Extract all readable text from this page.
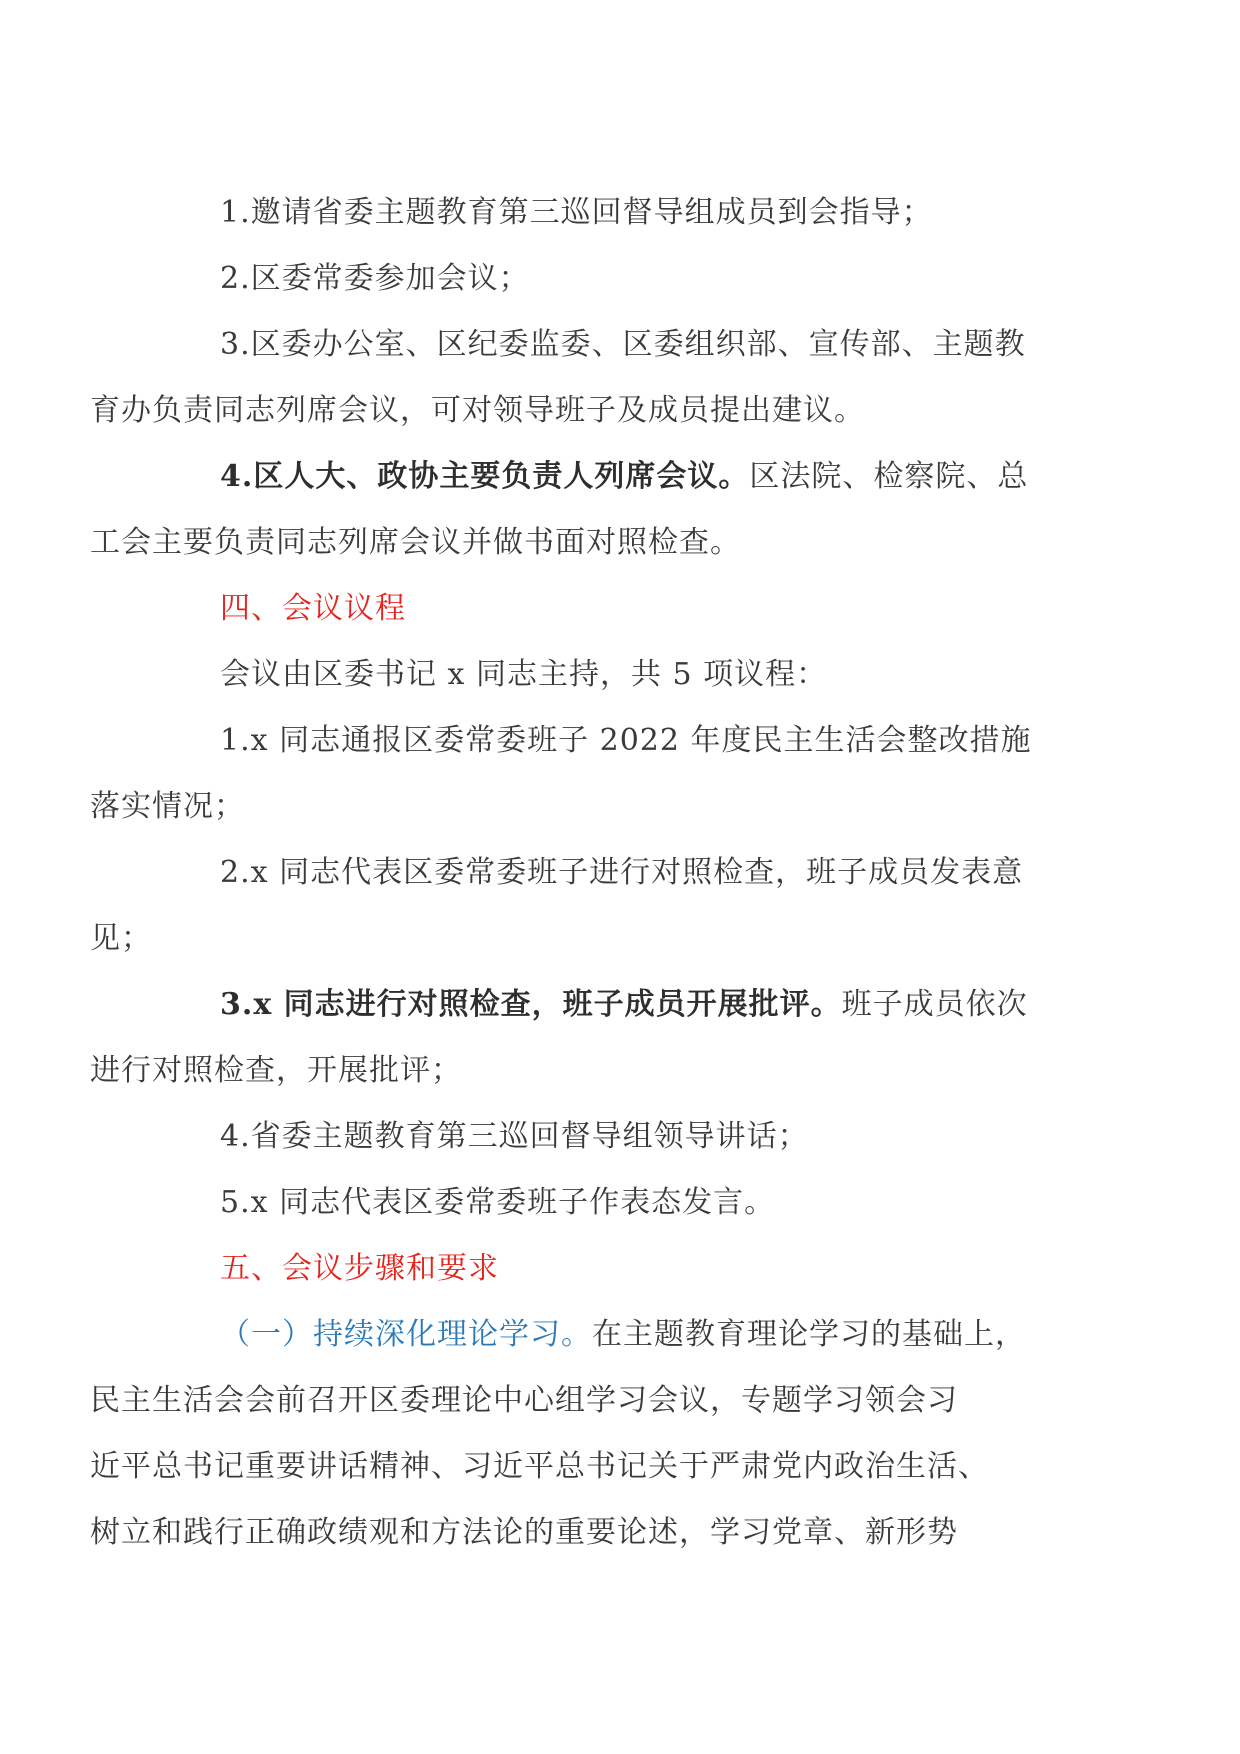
1.邀请省委主题教育第三巡回督导组成员到会指导；

2.区委常委参加会议；

3.区委办公室、区纪委监委、区委组织部、宣传部、主题教
育办负责同志列席会议，可对领导班子及成员提出建议。

4.区人大、政协主要负责人列席会议。区法院、检察院、总
工会主要负责同志列席会议并做书面对照检查。

四、会议议程

会议由区委书记 x 同志主持，共 5 项议程：

1.x 同志通报区委常委班子 2022 年度民主生活会整改措施
落实情况；

2.x 同志代表区委常委班子进行对照检查，班子成员发表意
见；

3.x 同志进行对照检查，班子成员开展批评。班子成员依次
进行对照检查，开展批评；

4.省委主题教育第三巡回督导组领导讲话；

5.x 同志代表区委常委班子作表态发言。

五、会议步骤和要求

（一）持续深化理论学习。在主题教育理论学习的基础上，
民主生活会会前召开区委理论中心组学习会议，专题学习领会习
近平总书记重要讲话精神、习近平总书记关于严肃党内政治生活、
树立和践行正确政绩观和方法论的重要论述，学习党章、新形势
